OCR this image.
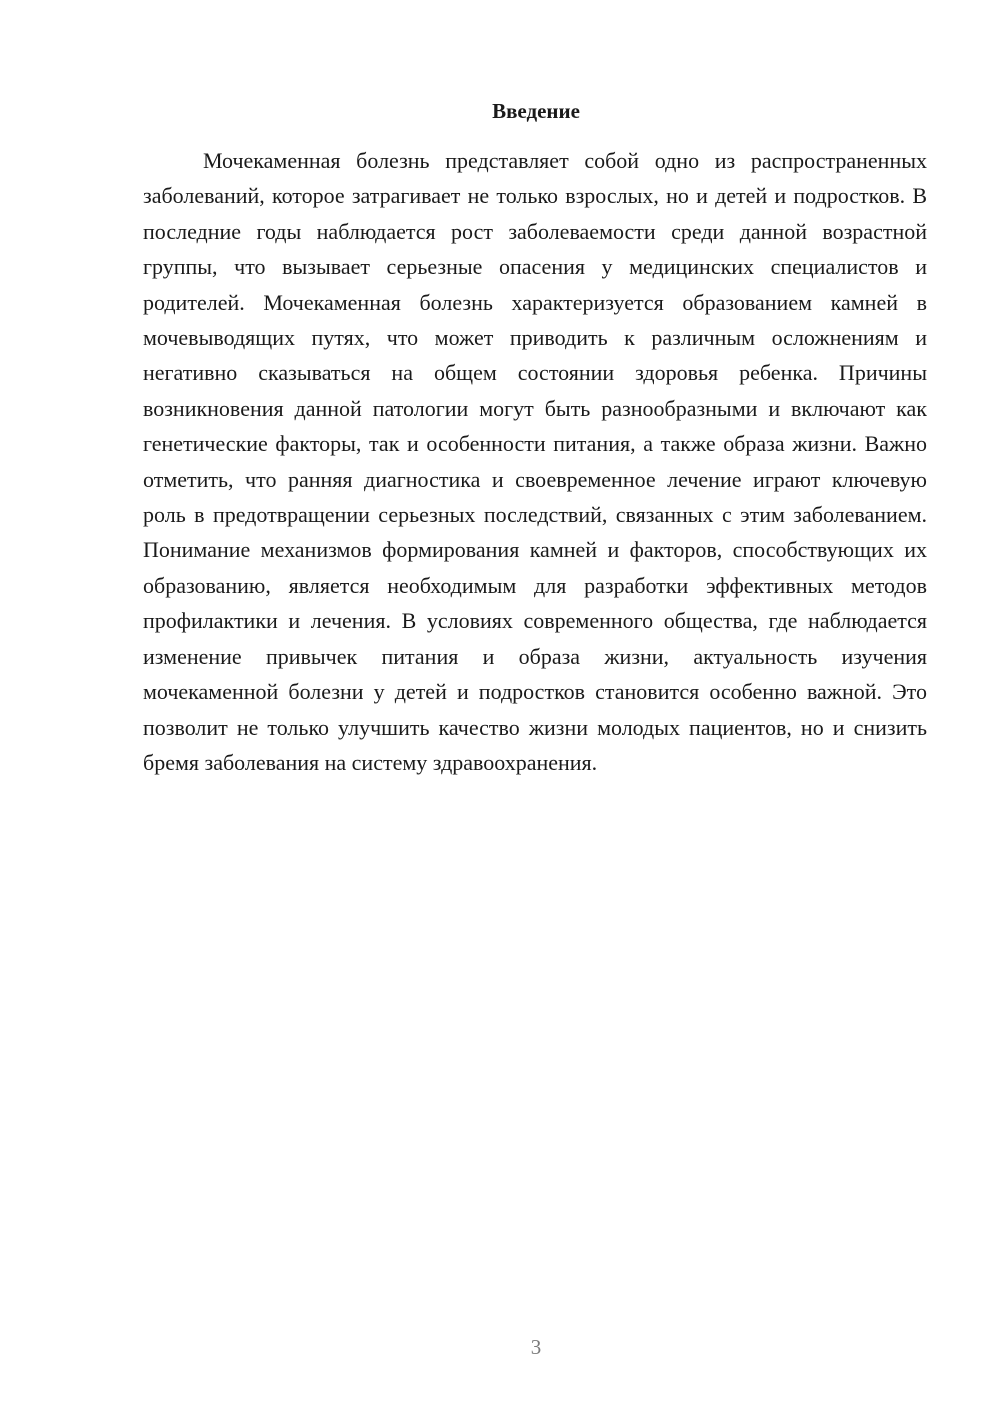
Введение

Мочекаменная болезнь представляет собой одно из распространенных заболеваний, которое затрагивает не только взрослых, но и детей и подростков. В последние годы наблюдается рост заболеваемости среди данной возрастной группы, что вызывает серьезные опасения у медицинских специалистов и родителей. Мочекаменная болезнь характеризуется образованием камней в мочевыводящих путях, что может приводить к различным осложнениям и негативно сказываться на общем состоянии здоровья ребенка. Причины возникновения данной патологии могут быть разнообразными и включают как генетические факторы, так и особенности питания, а также образа жизни. Важно отметить, что ранняя диагностика и своевременное лечение играют ключевую роль в предотвращении серьезных последствий, связанных с этим заболеванием. Понимание механизмов формирования камней и факторов, способствующих их образованию, является необходимым для разработки эффективных методов профилактики и лечения. В условиях современного общества, где наблюдается изменение привычек питания и образа жизни, актуальность изучения мочекаменной болезни у детей и подростков становится особенно важной. Это позволит не только улучшить качество жизни молодых пациентов, но и снизить бремя заболевания на систему здравоохранения.

3
